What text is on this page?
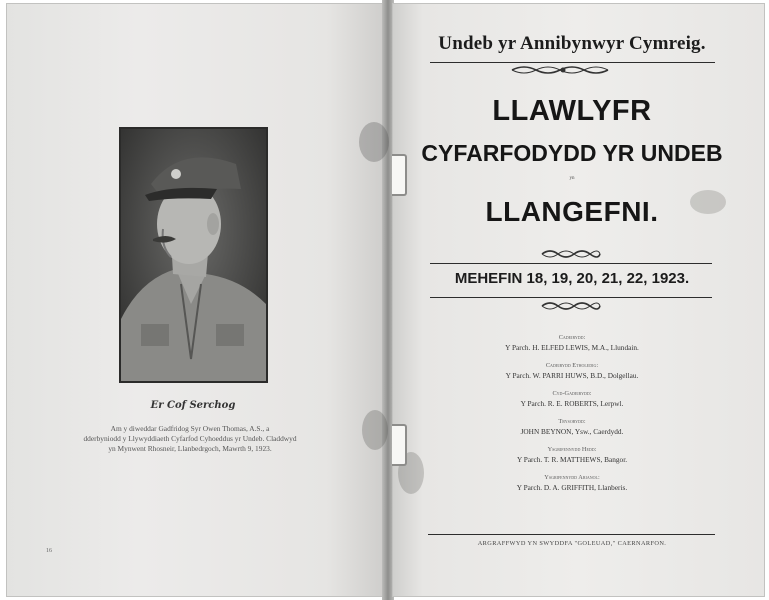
Er Cof Serchog
Am y diweddar Gadfridog Syr Owen Thomas, A.S., a
dderbyniodd y Llywyddiaeth Cyfarfod Cyhoeddus yr Undeb. Claddwyd
yn Mynwent Rhosneir, Llanbedrgoch, Mawrth 9, 1923.
16
Undeb yr Annibynwyr Cymreig.
LLAWLYFR
CYFARFODYDD YR UNDEB
yn
LLANGEFNI.
MEHEFIN 18, 19, 20, 21, 22, 1923.
Cadeirydd:
Y Parch. H. ELFED LEWIS, M.A., Llundain.
Cadeirydd Etholedig:
Y Parch. W. PARRI HUWS, B.D., Dolgellau.
Cyd-Gadeirydd:
Y Parch. R. E. ROBERTS, Lerpwl.
Trysorydd:
JOHN BEYNON, Ysw., Caerdydd.
Ysgrifennydd Hedd:
Y Parch. T. R. MATTHEWS, Bangor.
Ysgrifennydd Arianol:
Y Parch. D. A. GRIFFITH, Llanberis.
ARGRAFFWYD YN SWYDDFA "GOLEUAD," CAERNARFON.
